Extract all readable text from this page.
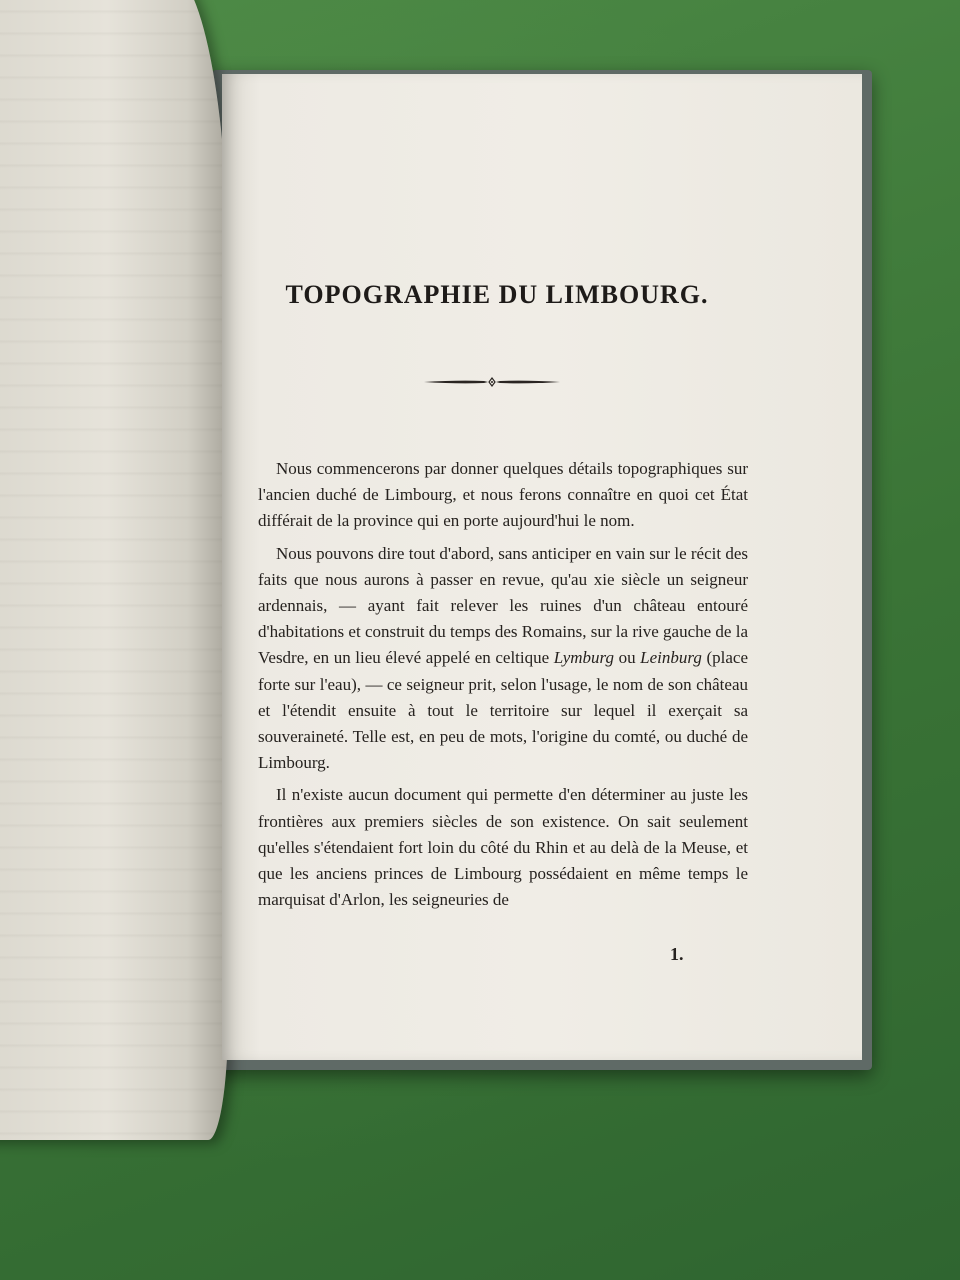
TOPOGRAPHIE DU LIMBOURG.

Nous commencerons par donner quelques détails topographiques sur l'ancien duché de Limbourg, et nous ferons connaître en quoi cet État différait de la province qui en porte aujourd'hui le nom.

Nous pouvons dire tout d'abord, sans anticiper en vain sur le récit des faits que nous aurons à passer en revue, qu'au xie siècle un seigneur ardennais, — ayant fait relever les ruines d'un château entouré d'habitations et construit du temps des Romains, sur la rive gauche de la Vesdre, en un lieu élevé appelé en celtique Lymburg ou Leinburg (place forte sur l'eau), — ce seigneur prit, selon l'usage, le nom de son château et l'étendit ensuite à tout le territoire sur lequel il exerçait sa souveraineté. Telle est, en peu de mots, l'origine du comté, ou duché de Limbourg.

Il n'existe aucun document qui permette d'en déterminer au juste les frontières aux premiers siècles de son existence. On sait seulement qu'elles s'étendaient fort loin du côté du Rhin et au delà de la Meuse, et que les anciens princes de Limbourg possédaient en même temps le marquisat d'Arlon, les seigneuries de

1.
